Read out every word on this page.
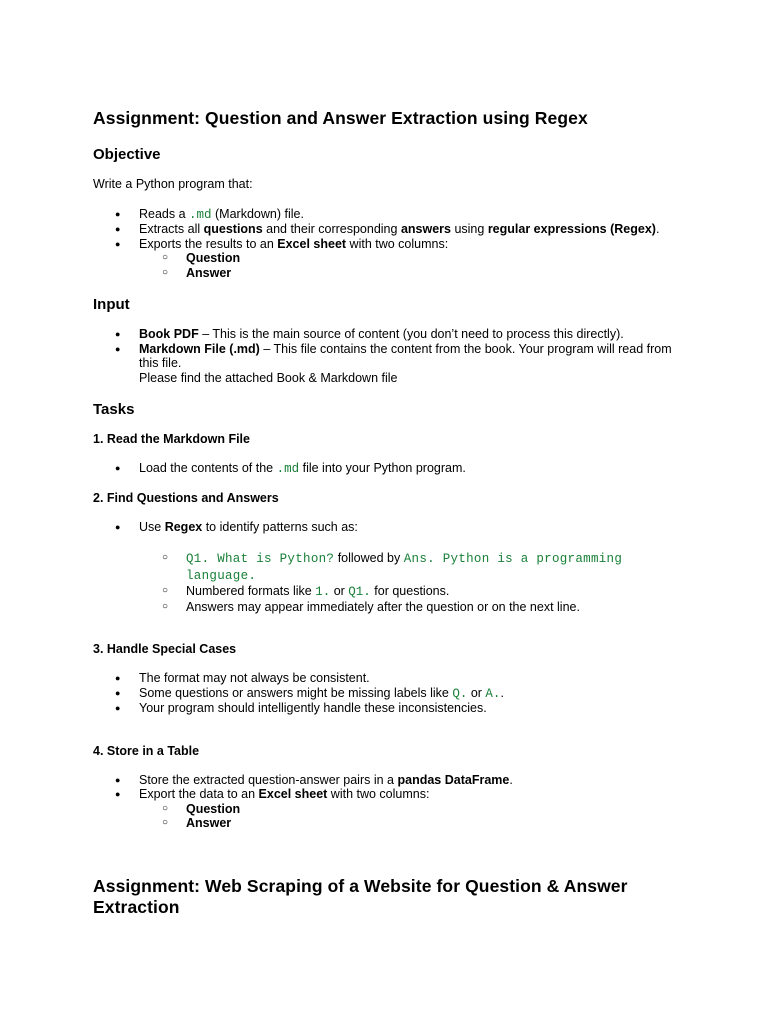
Assignment: Question and Answer Extraction using Regex
Objective

Write a Python program that:

● Reads a .md (Markdown) file.
● Extracts all questions and their corresponding answers using regular expressions (Regex).
● Exports the results to an Excel sheet with two columns:
○ Question
○ Answer
Input
● Book PDF – This is the main source of content (you don’t need to process this directly).
● Markdown File (.md) – This file contains the content from the book. Your program will read from this file.
Please find the attached Book & Markdown file
Tasks
1. Read the Markdown File
● Load the contents of the .md file into your Python program.
2. Find Questions and Answers
● Use Regex to identify patterns such as:
○ Q1. What is Python? followed by Ans. Python is a programming language.
○ Numbered formats like 1. or Q1. for questions.
○ Answers may appear immediately after the question or on the next line.
3. Handle Special Cases
● The format may not always be consistent.
● Some questions or answers might be missing labels like Q. or A..
● Your program should intelligently handle these inconsistencies.
4. Store in a Table
● Store the extracted question-answer pairs in a pandas DataFrame.
● Export the data to an Excel sheet with two columns:
○ Question
○ Answer
Assignment: Web Scraping of a Website for Question & Answer Extraction
